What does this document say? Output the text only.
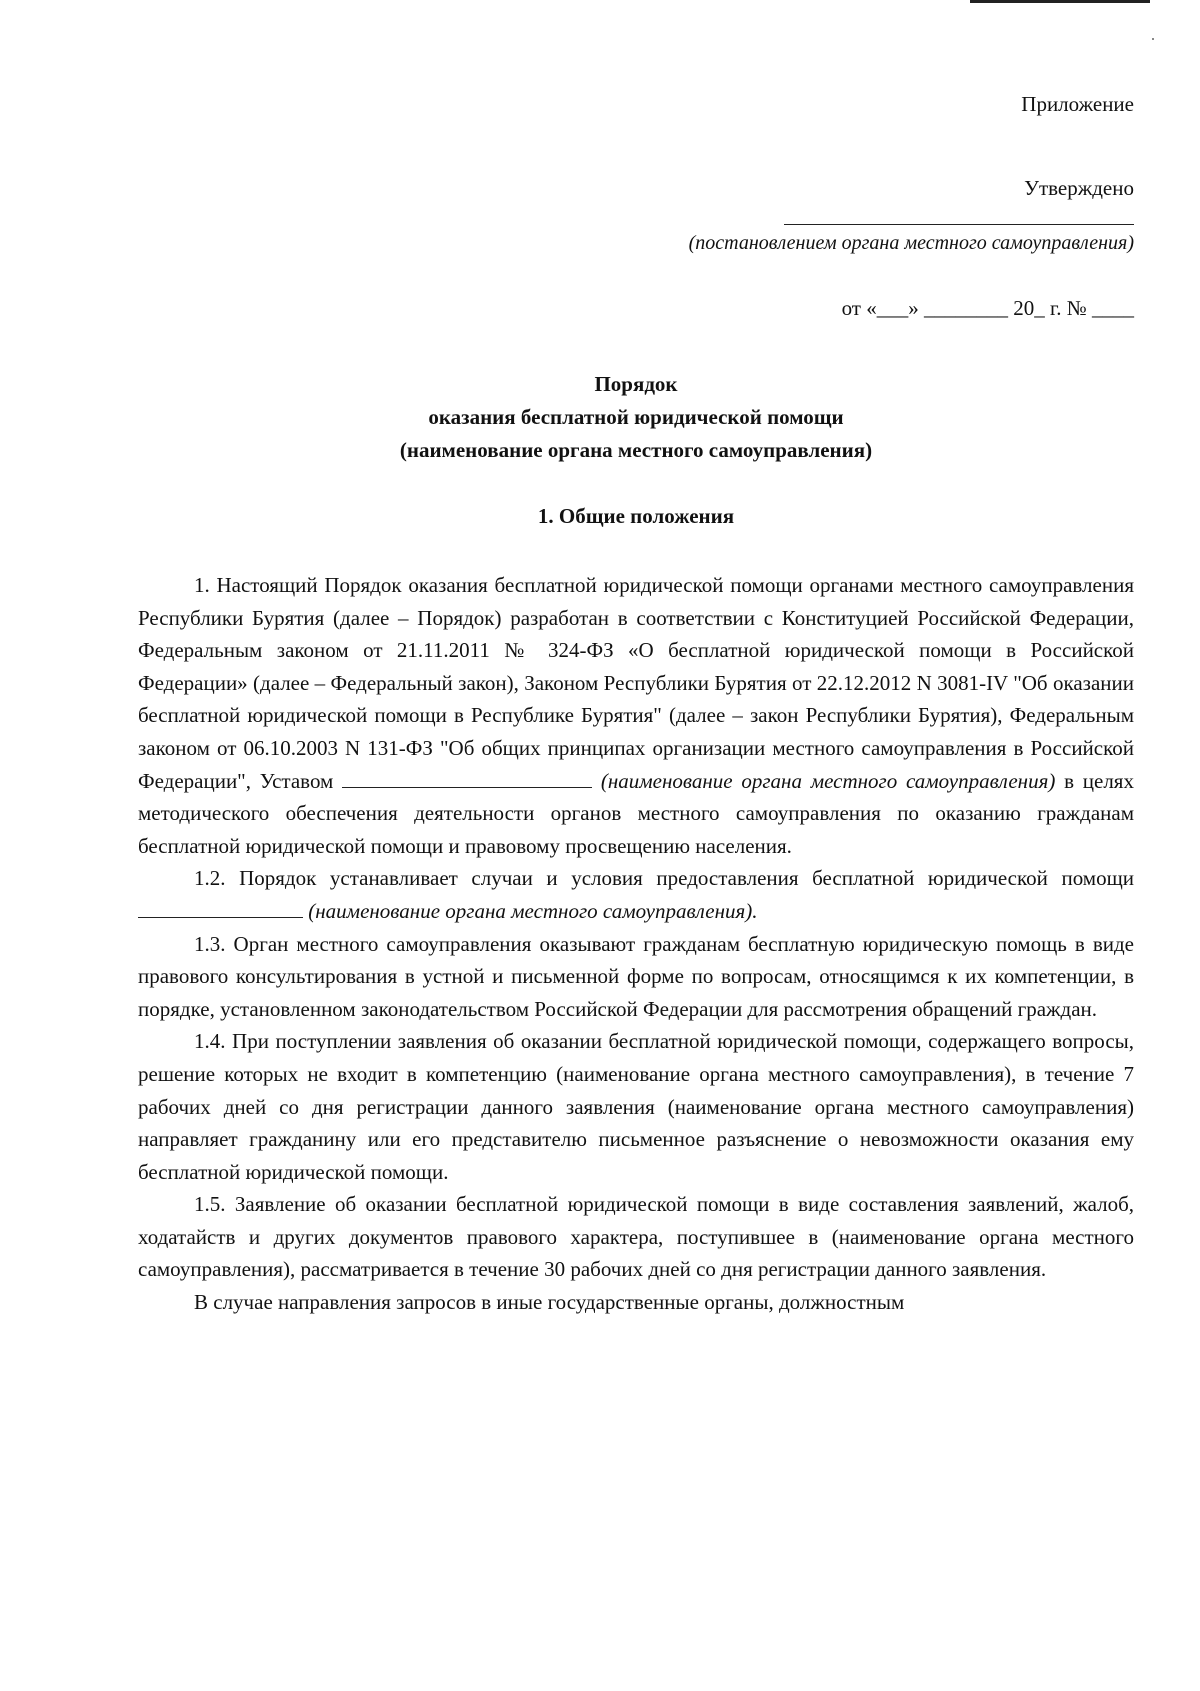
Приложение
Утверждено
(постановлением органа местного самоуправления)
от «___» ________ 20_ г. № ____
Порядок
оказания бесплатной юридической помощи
(наименование органа местного самоуправления)
1. Общие положения

1. Настоящий Порядок оказания бесплатной юридической помощи органами местного самоуправления Республики Бурятия (далее – Порядок) разработан в соответствии с Конституцией Российской Федерации, Федеральным законом от 21.11.2011 № 324-ФЗ «О бесплатной юридической помощи в Российской Федерации» (далее – Федеральный закон), Законом Республики Бурятия от 22.12.2012 N 3081-IV "Об оказании бесплатной юридической помощи в Республике Бурятия" (далее – закон Республики Бурятия), Федеральным законом от 06.10.2003 N 131-ФЗ "Об общих принципах организации местного самоуправления в Российской Федерации", Уставом	(наименование органа местного самоуправления) в целях методического обеспечения деятельности органов местного самоуправления по оказанию гражданам бесплатной юридической помощи и правовому просвещению населения.

1.2. Порядок устанавливает случаи и условия предоставления бесплатной юридической помощи  (наименование органа местного самоуправления).

1.3. Орган местного самоуправления оказывают гражданам бесплатную юридическую помощь в виде правового консультирования в устной и письменной форме по вопросам, относящимся к их компетенции, в порядке, установленном законодательством Российской Федерации для рассмотрения обращений граждан.

1.4. При поступлении заявления об оказании бесплатной юридической помощи, содержащего вопросы, решение которых не входит в компетенцию (наименование органа местного самоуправления), в течение 7 рабочих дней со дня регистрации данного заявления (наименование органа местного самоуправления) направляет гражданину или его представителю письменное разъяснение о невозможности оказания ему бесплатной юридической помощи.

1.5. Заявление об оказании бесплатной юридической помощи в виде составления заявлений, жалоб, ходатайств и других документов правового характера, поступившее в (наименование органа местного самоуправления), рассматривается в течение 30 рабочих дней со дня регистрации данного заявления.

В случае направления запросов в иные государственные органы, должностным
